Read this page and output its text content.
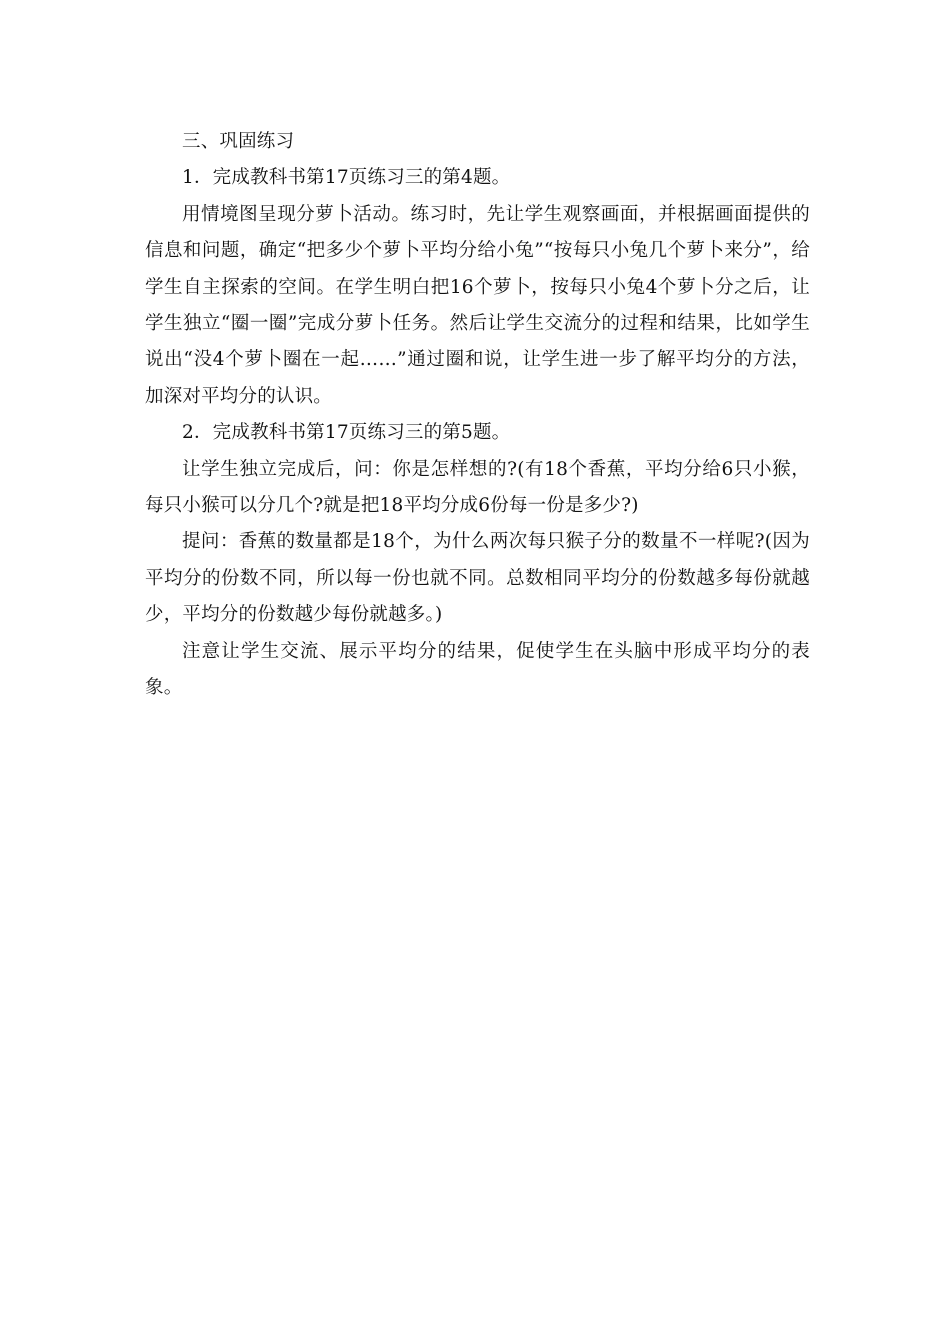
三、巩固练习

1．完成教科书第17页练习三的第4题。

用情境图呈现分萝卜活动。练习时，先让学生观察画面，并根据画面提供的信息和问题，确定“把多少个萝卜平均分给小兔”“按每只小兔几个萝卜来分”，给学生自主探索的空间。在学生明白把16个萝卜，按每只小兔4个萝卜分之后，让学生独立“圈一圈”完成分萝卜任务。然后让学生交流分的过程和结果，比如学生说出“没4个萝卜圈在一起……”通过圈和说，让学生进一步了解平均分的方法，加深对平均分的认识。

2．完成教科书第17页练习三的第5题。

让学生独立完成后，问：你是怎样想的?(有18个香蕉，平均分给6只小猴，每只小猴可以分几个?就是把18平均分成6份每一份是多少?)

提问：香蕉的数量都是18个，为什么两次每只猴子分的数量不一样呢?(因为平均分的份数不同，所以每一份也就不同。总数相同平均分的份数越多每份就越少，平均分的份数越少每份就越多。)

注意让学生交流、展示平均分的结果，促使学生在头脑中形成平均分的表象。
